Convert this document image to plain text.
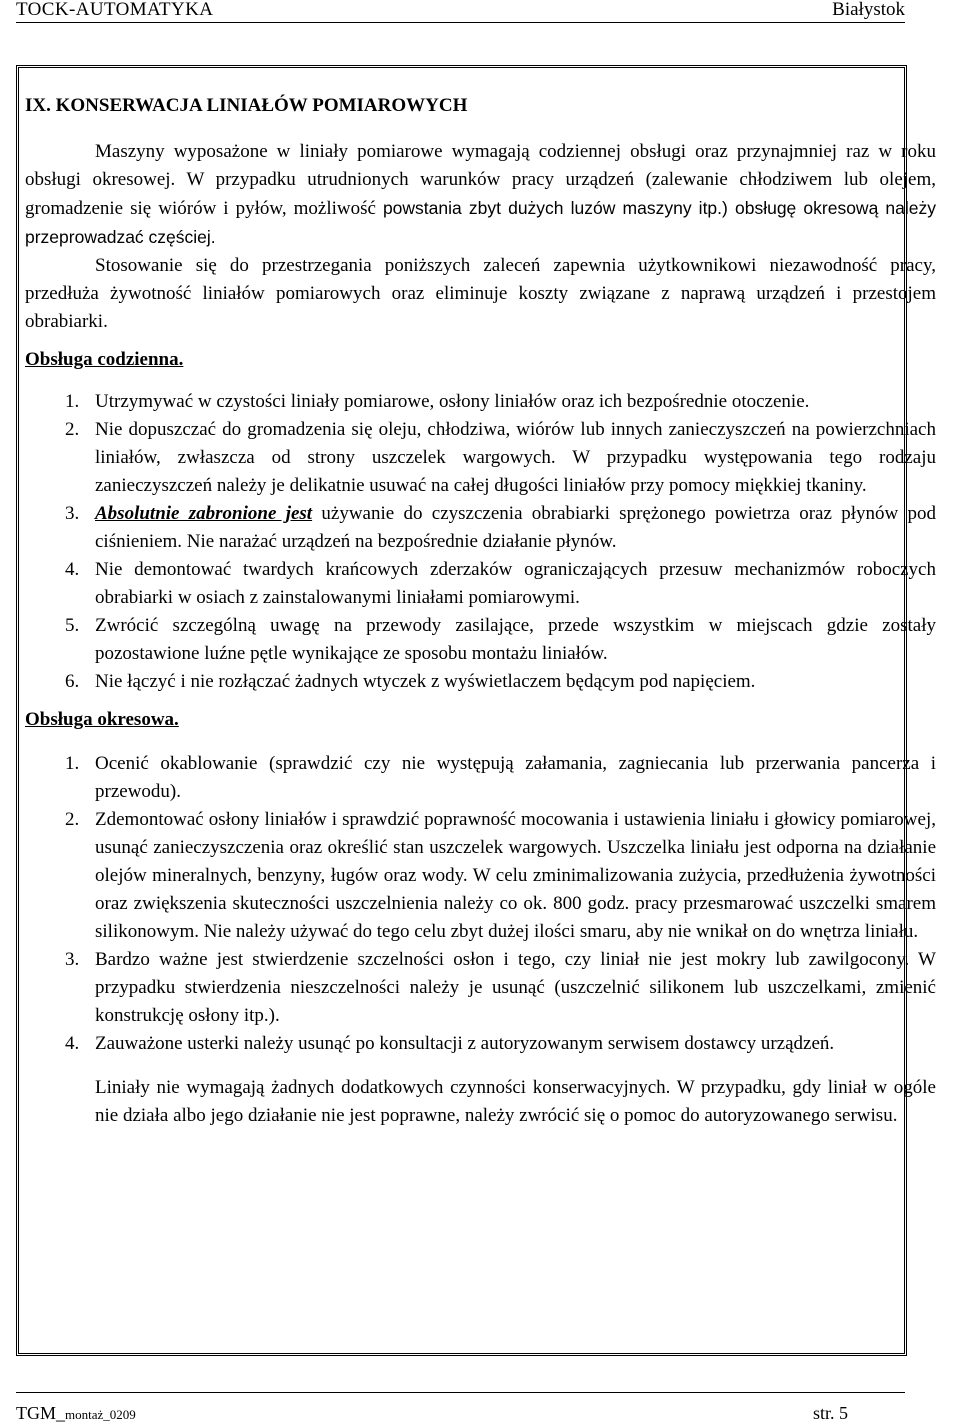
TOCK-AUTOMATYKA	Białystok

IX. KONSERWACJA LINIAŁÓW POMIAROWYCH

Maszyny wyposażone w liniały pomiarowe wymagają codziennej obsługi oraz przynajmniej raz w roku obsługi okresowej. W przypadku utrudnionych warunków pracy urządzeń (zalewanie chłodziwem lub olejem, gromadzenie się wiórów i pyłów, możliwość powstania zbyt dużych luzów maszyny itp.) obsługę okresową należy przeprowadzać częściej.

Stosowanie się do przestrzegania poniższych zaleceń zapewnia użytkownikowi niezawodność pracy, przedłuża żywotność liniałów pomiarowych oraz eliminuje koszty związane z naprawą urządzeń i przestojem obrabiarki.

Obsługa codzienna.

1. Utrzymywać w czystości liniały pomiarowe, osłony liniałów oraz ich bezpośrednie otoczenie.
2. Nie dopuszczać do gromadzenia się oleju, chłodziwa, wiórów lub innych zanieczyszczeń na powierzchniach liniałów, zwłaszcza od strony uszczelek wargowych. W przypadku występowania tego rodzaju zanieczyszczeń należy je delikatnie usuwać na całej długości liniałów przy pomocy miękkiej tkaniny.
3. Absolutnie zabronione jest używanie do czyszczenia obrabiarki sprężonego powietrza oraz płynów pod ciśnieniem. Nie narażać urządzeń na bezpośrednie działanie płynów.
4. Nie demontować twardych krańcowych zderzaków ograniczających przesuw mechanizmów roboczych obrabiarki w osiach z zainstalowanymi liniałami pomiarowymi.
5. Zwrócić szczególną uwagę na przewody zasilające, przede wszystkim w miejscach gdzie zostały pozostawione luźne pętle wynikające ze sposobu montażu liniałów.
6. Nie łączyć i nie rozłączać żadnych wtyczek z wyświetlaczem będącym pod napięciem.

Obsługa okresowa.

1. Ocenić okablowanie (sprawdzić czy nie występują załamania, zagniecania lub przerwania pancerza i przewodu).
2. Zdemontować osłony liniałów i sprawdzić poprawność mocowania i ustawienia liniału i głowicy pomiarowej, usunąć zanieczyszczenia oraz określić stan uszczelek wargowych. Uszczelka liniału jest odporna na działanie olejów mineralnych, benzyny, ługów oraz wody. W celu zminimalizowania zużycia, przedłużenia żywotności oraz zwiększenia skuteczności uszczelnienia należy co ok. 800 godz. pracy przesmarować uszczelki smarem silikonowym. Nie należy używać do tego celu zbyt dużej ilości smaru, aby nie wnikał on do wnętrza liniału.
3. Bardzo ważne jest stwierdzenie szczelności osłon i tego, czy liniał nie jest mokry lub zawilgocony. W przypadku stwierdzenia nieszczelności należy je usunąć (uszczelnić silikonem lub uszczelkami, zmienić konstrukcję osłony itp.).
4. Zauważone usterki należy usunąć po konsultacji z autoryzowanym serwisem dostawcy urządzeń.

Liniały nie wymagają żadnych dodatkowych czynności konserwacyjnych. W przypadku, gdy liniał w ogóle nie działa albo jego działanie nie jest poprawne, należy zwrócić się o pomoc do autoryzowanego serwisu.

TGM_montaż_0209	str. 5
